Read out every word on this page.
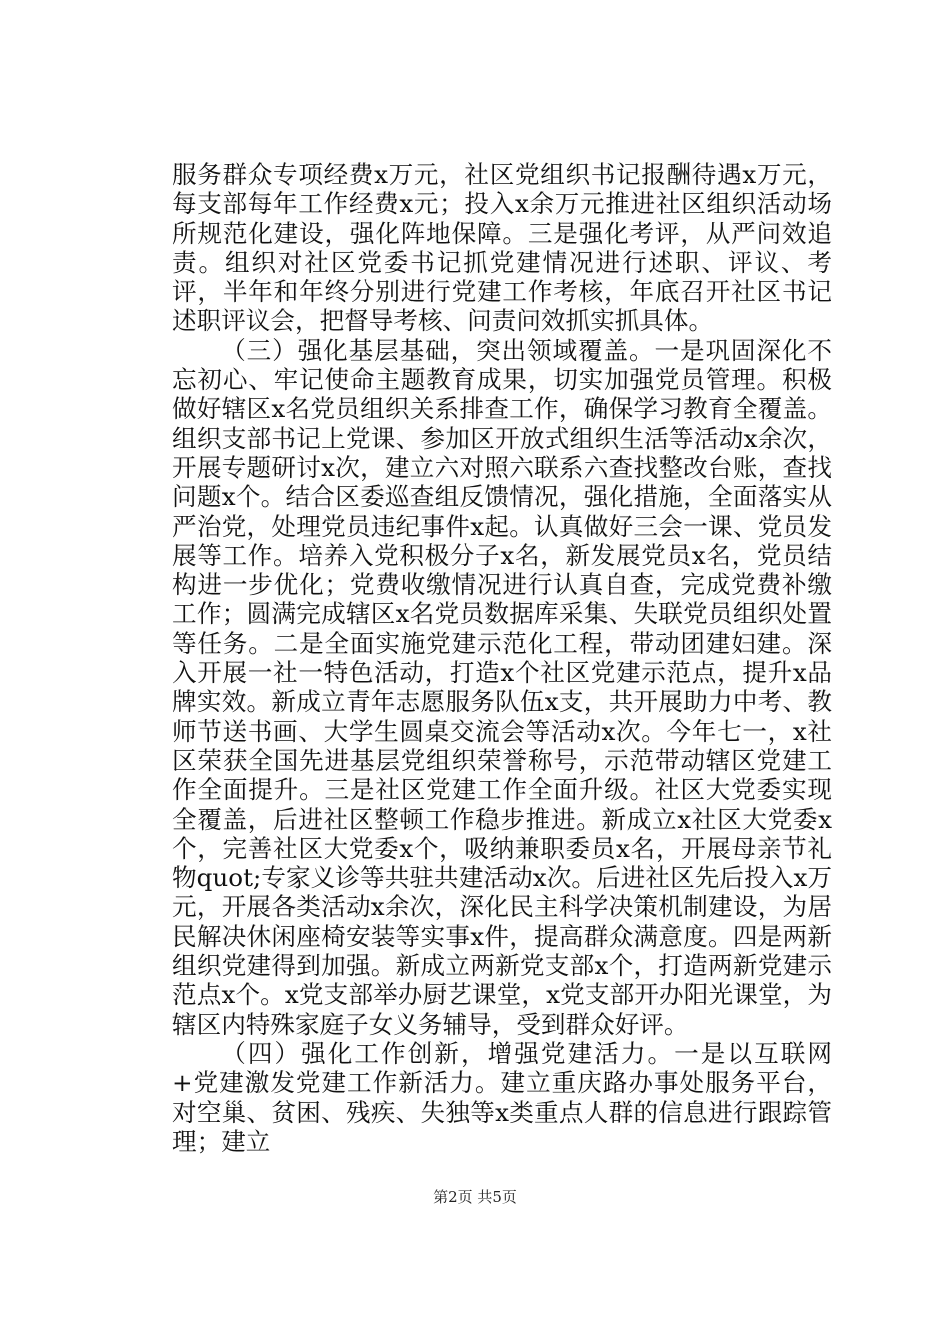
服务群众专项经费x万元，社区党组织书记报酬待遇x万元，每支部每年工作经费x元；投入x余万元推进社区组织活动场所规范化建设，强化阵地保障。三是强化考评，从严问效追责。组织对社区党委书记抓党建情况进行述职、评议、考评，半年和年终分别进行党建工作考核，年底召开社区书记述职评议会，把督导考核、问责问效抓实抓具体。

（三）强化基层基础，突出领域覆盖。一是巩固深化不忘初心、牢记使命主题教育成果，切实加强党员管理。积极做好辖区x名党员组织关系排查工作，确保学习教育全覆盖。组织支部书记上党课、参加区开放式组织生活等活动x余次，开展专题研讨x次，建立六对照六联系六查找整改台账，查找问题x个。结合区委巡查组反馈情况，强化措施，全面落实从严治党，处理党员违纪事件x起。认真做好三会一课、党员发展等工作。培养入党积极分子x名，新发展党员x名，党员结构进一步优化；党费收缴情况进行认真自查，完成党费补缴工作；圆满完成辖区x名党员数据库采集、失联党员组织处置等任务。二是全面实施党建示范化工程，带动团建妇建。深入开展一社一特色活动，打造x个社区党建示范点，提升x品牌实效。新成立青年志愿服务队伍x支，共开展助力中考、教师节送书画、大学生圆桌交流会等活动x次。今年七一，x社区荣获全国先进基层党组织荣誉称号，示范带动辖区党建工作全面提升。三是社区党建工作全面升级。社区大党委实现全覆盖，后进社区整顿工作稳步推进。新成立x社区大党委x个，完善社区大党委x个，吸纳兼职委员x名，开展母亲节礼物quot;专家义诊等共驻共建活动x次。后进社区先后投入x万元，开展各类活动x余次，深化民主科学决策机制建设，为居民解决休闲座椅安装等实事x件，提高群众满意度。四是两新组织党建得到加强。新成立两新党支部x个，打造两新党建示范点x个。x党支部举办厨艺课堂，x党支部开办阳光课堂，为辖区内特殊家庭子女义务辅导，受到群众好评。

（四）强化工作创新，增强党建活力。一是以互联网+党建激发党建工作新活力。建立重庆路办事处服务平台，对空巢、贫困、残疾、失独等x类重点人群的信息进行跟踪管理；建立

第2页 共5页
